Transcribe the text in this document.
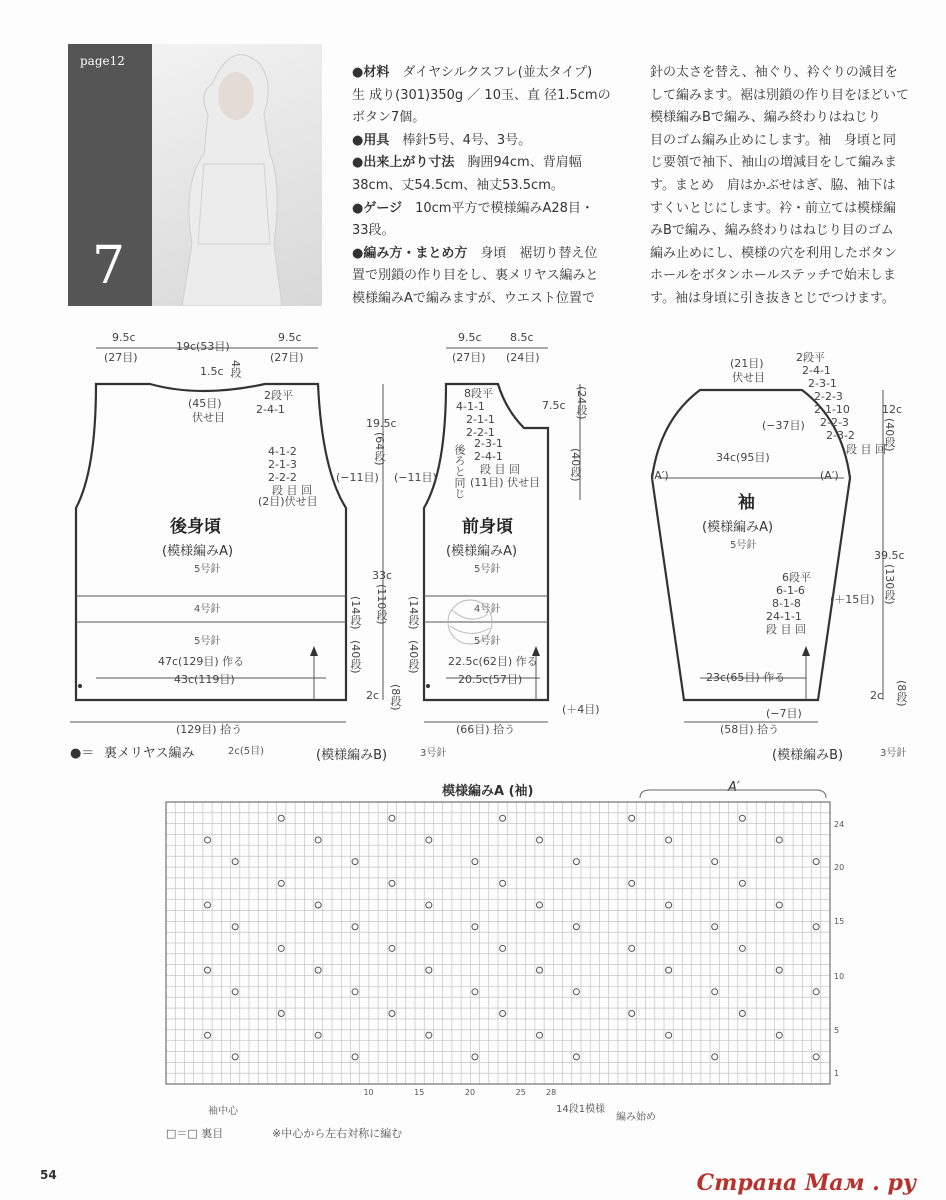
page12
7

●材料　ダイヤシルクスフレ(並太タイプ)

生 成り(301)350g ／ 10玉、直 径1.5cmの

ボタン7個。

●用具　棒針5号、4号、3号。

●出来上がり寸法　胸囲94cm、背肩幅

38cm、丈54.5cm、袖丈53.5cm。

●ゲージ　10cm平方で模様編みA28目・

33段。

●編み方・まとめ方　身頃　裾切り替え位

置で別鎖の作り目をし、裏メリヤス編みと

模様編みAで編みますが、ウエスト位置で

針の太さを替え、袖ぐり、衿ぐりの減目を

して編みます。裾は別鎖の作り目をほどいて

模様編みBで編み、編み終わりはねじり

目のゴム編み止めにします。袖　身頃と同

じ要領で袖下、袖山の増減目をして編みま

す。まとめ　肩はかぶせはぎ、脇、袖下は

すくいとじにします。衿・前立ては模様編

みBで編み、編み終わりはねじり目のゴム

編み止めにし、模様の穴を利用したボタン

ホールをボタンホールステッチで始末しま

す。袖は身頃に引き抜きとじでつけます。

9.5c
(27目)
19c(53目)
9.5c
(27目)
1.5c 4段
(45目)
伏せ目
2段平
2-4-1
4-1-2
2-1-3
2-2-2
段 目 回
(2目)伏せ目
(−11目)
後身頃
(模様編みA)
5号針
4号針
5号針
47c(129目) 作る
43c(119目)
(129目) 拾う
(模様編みB)	3号針
19.5c
(64段)
33c
(110段)
(14段)
(40段)
(14段)
(40段)
2c (8段)
9.5c
(27目)
8.5c
(24目)
8段平
4-1-1
2-1-1
2-2-1
2-3-1
2-4-1
段 目 回
(11目) 伏せ目
後ろと同じ
(−11目)
7.5c (24段)
(40段)
前身頃
(模様編みA)
5号針
4号針
5号針
22.5c(62目) 作る
20.5c(57目)
(66目) 拾う
(＋4目)
(21目)
伏せ目
2段平
2-4-1
2-3-1
2-2-3
2-1-10
2-2-3
2-3-2
段 目 回
(−37目)
12c
(40段)
(A′)	(A′)
34c(95目)
袖
(模様編みA)
5号針
6段平
6-1-6
8-1-8
24-1-1
段 目 回
(＋15目)
39.5c
(130段)
23c(65目) 作る
2c (8段)
(−7目)
(58目) 拾う
(模様編みB)	3号針
●＝ 裏メリヤス編み	2c(5目)
模様編みA (袖)	A′
24
20
15
10
5
1
28
25
20
15
10
袖中心	14段1模様
編み始め
□＝□ 裏目	※中心から左右対称に編む
54	Страна Мам . ру
